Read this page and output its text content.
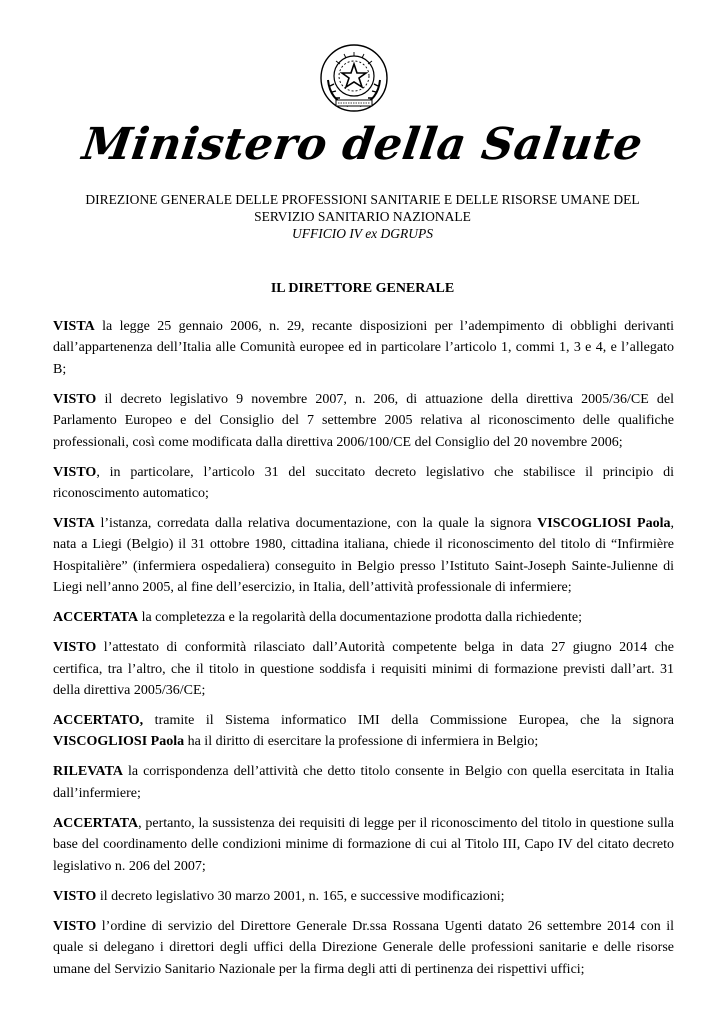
Ministero della Salute
DIREZIONE GENERALE DELLE PROFESSIONI SANITARIE E DELLE RISORSE UMANE DEL
SERVIZIO SANITARIO NAZIONALE
UFFICIO IV ex DGRUPS
IL DIRETTORE GENERALE

VISTA la legge 25 gennaio 2006, n. 29, recante disposizioni per l’adempimento di obblighi derivanti dall’appartenenza dell’Italia alle Comunità europee ed in particolare l’articolo 1, commi 1, 3 e 4, e l’allegato B;

VISTO il decreto legislativo 9 novembre 2007, n. 206, di attuazione della direttiva 2005/36/CE del Parlamento Europeo e del Consiglio del 7 settembre 2005 relativa al riconoscimento delle qualifiche professionali, così come modificata dalla direttiva 2006/100/CE del Consiglio del 20 novembre 2006;

VISTO, in particolare, l’articolo 31 del succitato decreto legislativo che stabilisce il principio di riconoscimento automatico;

VISTA l’istanza, corredata dalla relativa documentazione, con la quale la signora VISCOGLIOSI Paola, nata a Liegi (Belgio) il 31 ottobre 1980, cittadina italiana, chiede il riconoscimento del titolo di “Infirmière Hospitalière” (infermiera ospedaliera) conseguito in Belgio presso l’Istituto Saint-Joseph Sainte-Julienne di Liegi nell’anno 2005, al fine dell’esercizio, in Italia, dell’attività professionale di infermiere;

ACCERTATA la completezza e la regolarità della documentazione prodotta dalla richiedente;

VISTO l’attestato di conformità rilasciato dall’Autorità competente belga in data 27 giugno 2014 che certifica, tra l’altro, che il titolo in questione soddisfa i requisiti minimi di formazione previsti dall’art. 31 della direttiva 2005/36/CE;

ACCERTATO, tramite il Sistema informatico IMI della Commissione Europea, che la signora VISCOGLIOSI Paola ha il diritto di esercitare la professione di infermiera in Belgio;

RILEVATA la corrispondenza dell’attività che detto titolo consente in Belgio con quella esercitata in Italia dall’infermiere;

ACCERTATA, pertanto, la sussistenza dei requisiti di legge per il riconoscimento del titolo in questione sulla base del coordinamento delle condizioni minime di formazione di cui al Titolo III, Capo IV del citato decreto legislativo n. 206 del 2007;

VISTO il decreto legislativo 30 marzo 2001, n. 165, e successive modificazioni;

VISTO l’ordine di servizio del Direttore Generale Dr.ssa Rossana Ugenti datato 26 settembre 2014 con il quale si delegano i direttori degli uffici della Direzione Generale delle professioni sanitarie e delle risorse umane del Servizio Sanitario Nazionale per la firma degli atti di pertinenza dei rispettivi uffici;
